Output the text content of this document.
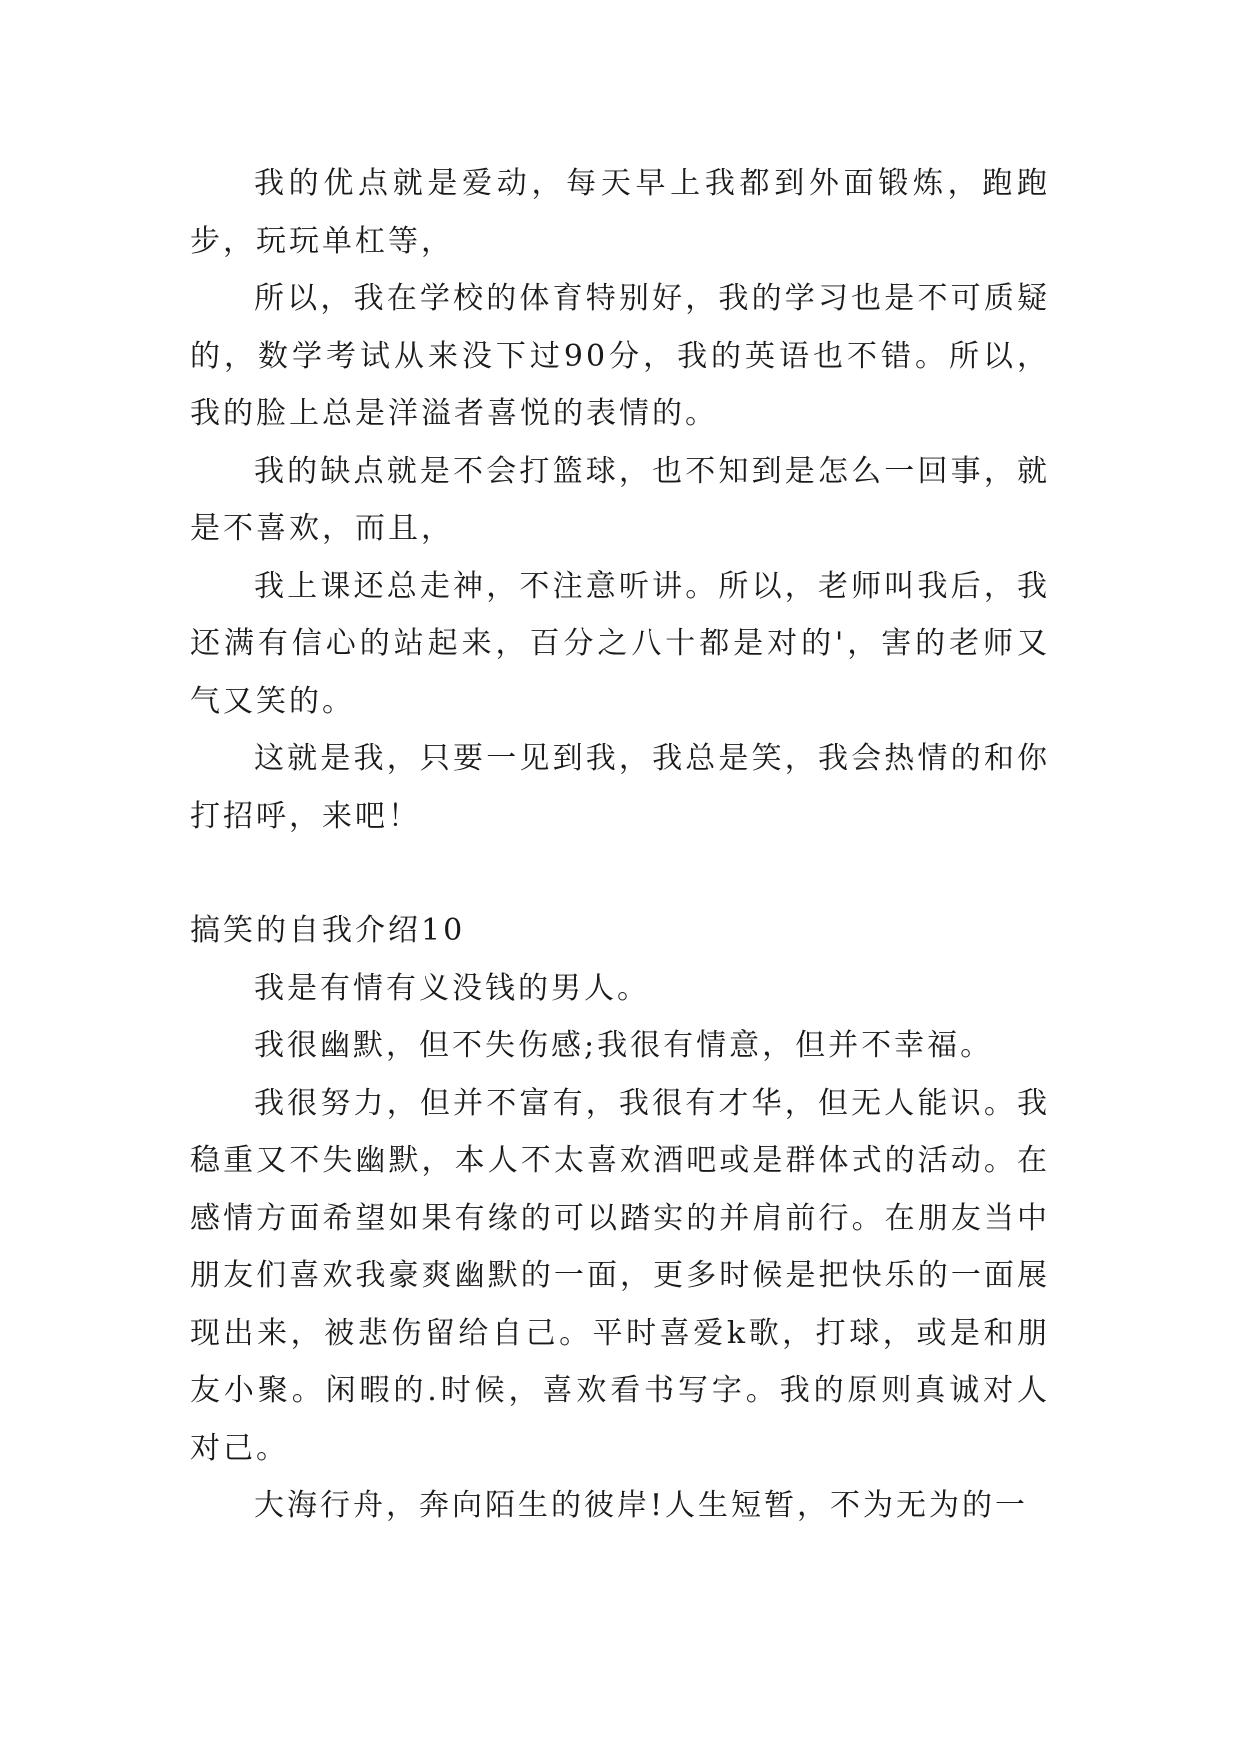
我的优点就是爱动，每天早上我都到外面锻炼，跑跑步，玩玩单杠等，

所以，我在学校的体育特别好，我的学习也是不可质疑的，数学考试从来没下过90分，我的英语也不错。所以，我的脸上总是洋溢者喜悦的表情的。

我的缺点就是不会打篮球，也不知到是怎么一回事，就是不喜欢，而且，

我上课还总走神，不注意听讲。所以，老师叫我后，我还满有信心的站起来，百分之八十都是对的'，害的老师又气又笑的。

这就是我，只要一见到我，我总是笑，我会热情的和你打招呼，来吧！

搞笑的自我介绍10

我是有情有义没钱的男人。

我很幽默，但不失伤感;我很有情意，但并不幸福。

我很努力，但并不富有，我很有才华，但无人能识。我稳重又不失幽默，本人不太喜欢酒吧或是群体式的活动。在感情方面希望如果有缘的可以踏实的并肩前行。在朋友当中朋友们喜欢我豪爽幽默的一面，更多时候是把快乐的一面展现出来，被悲伤留给自己。平时喜爱k歌，打球，或是和朋友小聚。闲暇的.时候，喜欢看书写字。我的原则真诚对人对己。

大海行舟，奔向陌生的彼岸!人生短暂，不为无为的一
